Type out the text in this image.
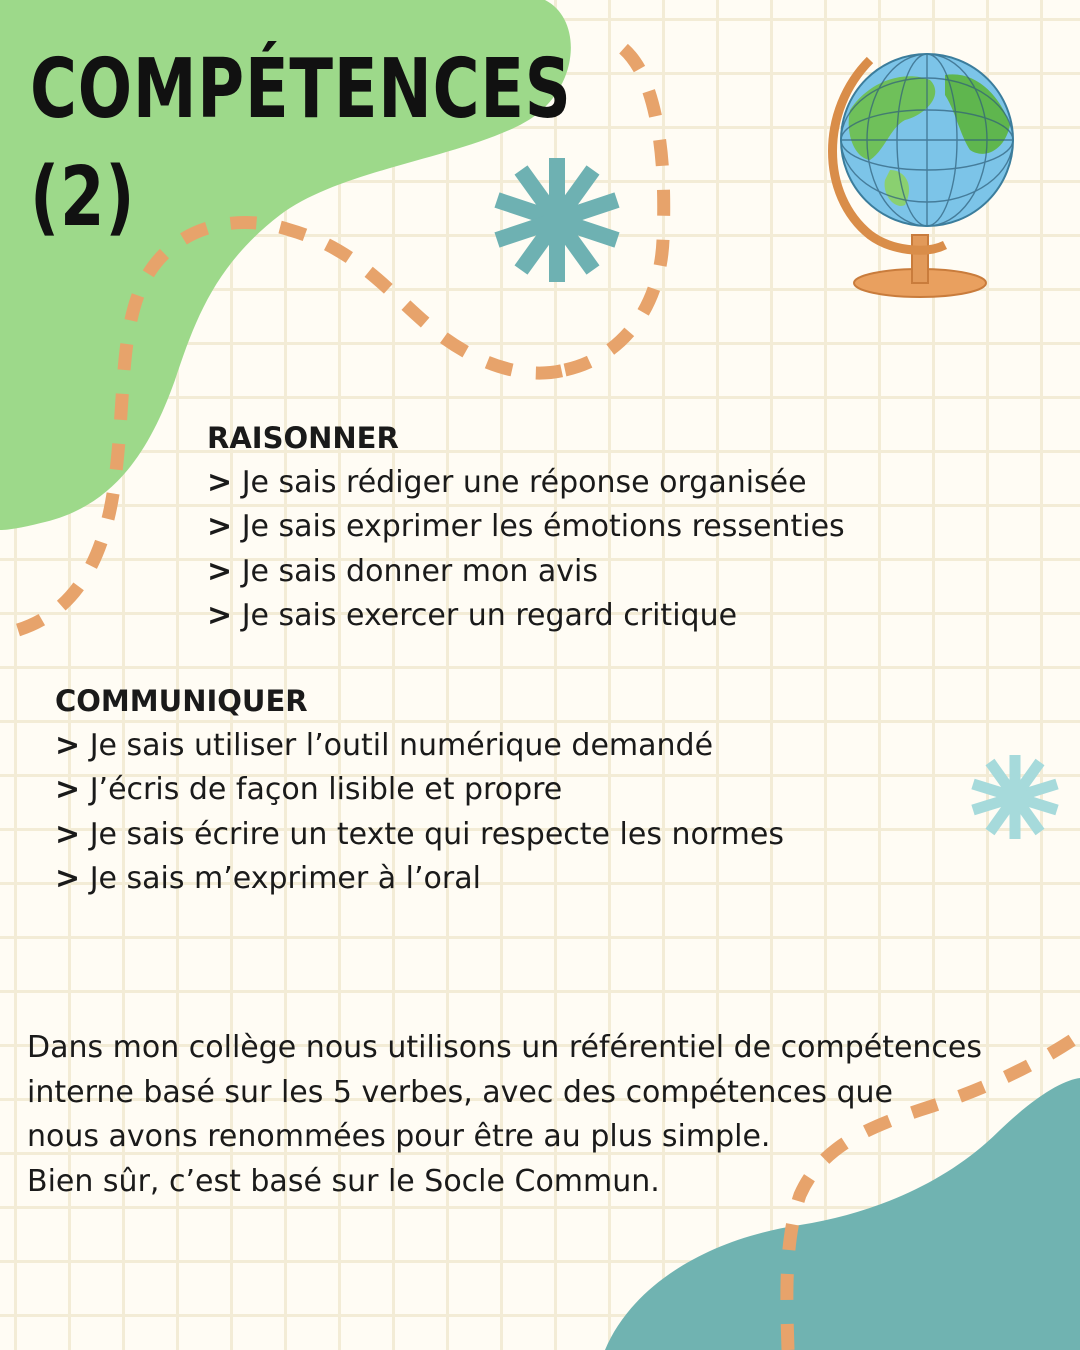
COMPÉTENCES
(2)
RAISONNER
> Je sais rédiger une réponse organisée
> Je sais exprimer les émotions ressenties
> Je sais donner mon avis
> Je sais exercer un regard critique
COMMUNIQUER
> Je sais utiliser l’outil numérique demandé
> J’écris de façon lisible et propre
> Je sais écrire un texte qui respecte les normes
> Je sais m’exprimer à l’oral
Dans mon collège nous utilisons un référentiel de compétences
interne basé sur les 5 verbes, avec des compétences que
nous avons renommées pour être au plus simple.
Bien sûr, c’est basé sur le Socle Commun.
